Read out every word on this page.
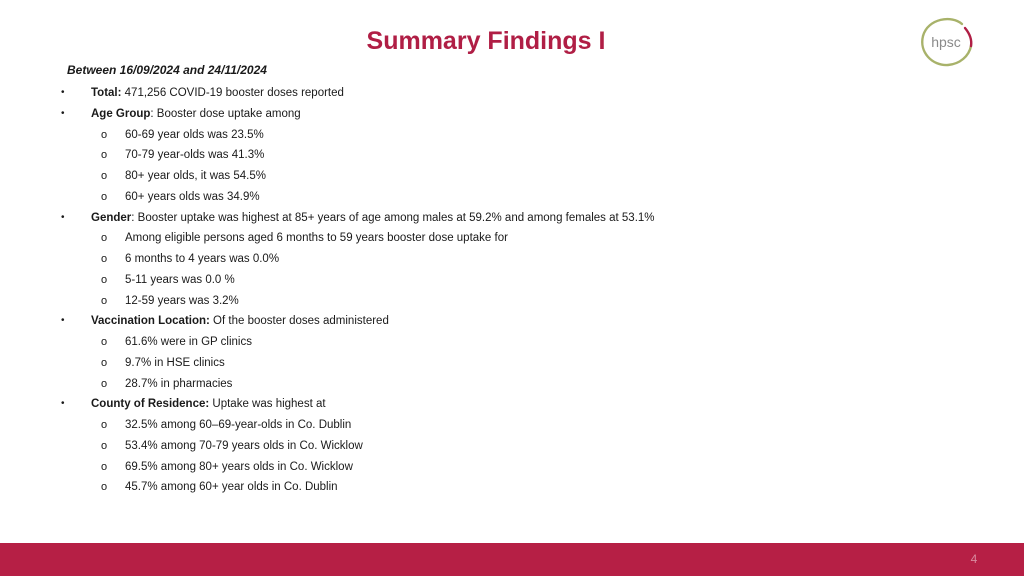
Summary Findings I	hpsc
Between 16/09/2024 and 24/11/2024
• Total: 471,256 COVID-19 booster doses reported
• Age Group: Booster dose uptake among
o 60-69 year olds was 23.5%
o 70-79 year-olds was 41.3%
o 80+ year olds, it was 54.5%
o 60+ years olds was 34.9%
• Gender: Booster uptake was highest at 85+ years of age among males at 59.2% and among females at 53.1%
o Among eligible persons aged 6 months to 59 years booster dose uptake for
o 6 months to 4 years was 0.0%
o 5-11 years was 0.0 %
o 12-59 years was 3.2%
• Vaccination Location: Of the booster doses administered
o 61.6% were in GP clinics
o 9.7% in HSE clinics
o 28.7% in pharmacies
• County of Residence: Uptake was highest at
o 32.5% among 60–69-year-olds in Co. Dublin
o 53.4% among 70-79 years olds in Co. Wicklow
o 69.5% among 80+ years olds in Co. Wicklow
o 45.7% among 60+ year olds in Co. Dublin
4
